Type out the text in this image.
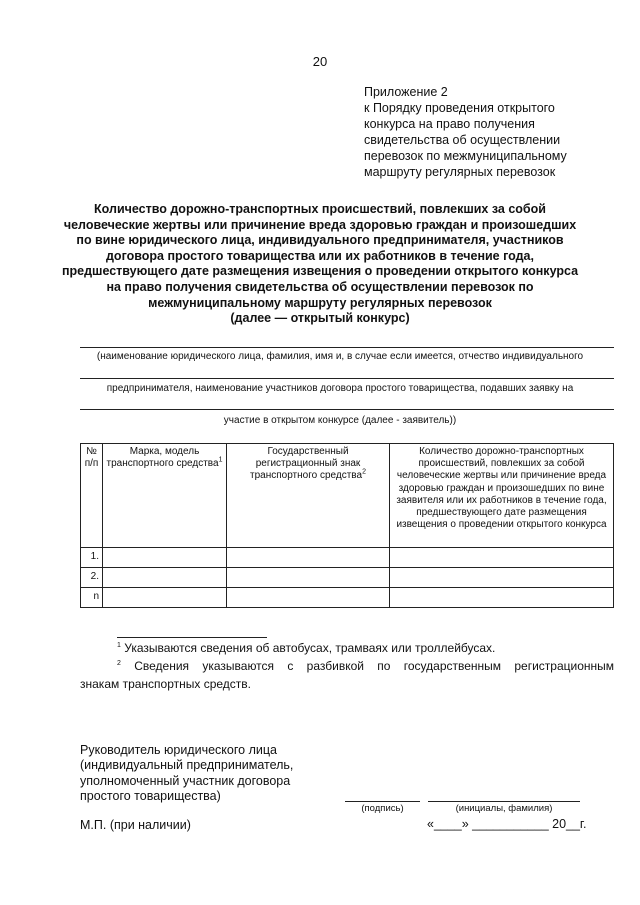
20
Приложение 2
к Порядку проведения открытого
конкурса на право получения
свидетельства об осуществлении
перевозок по межмуниципальному
маршруту регулярных перевозок
Количество дорожно-транспортных происшествий, повлекших за собой
человеческие жертвы или причинение вреда здоровью граждан и произошедших
по вине юридического лица, индивидуального предпринимателя, участников
договора простого товарищества или их работников в течение года,
предшествующего дате размещения извещения о проведении открытого конкурса
на право получения свидетельства об осуществлении перевозок по
межмуниципальному маршруту регулярных перевозок
(далее — открытый конкурс)
(наименование юридического лица, фамилия, имя и, в случае если имеется, отчество индивидуального
предпринимателя, наименование участников договора простого товарищества, подавших заявку на
участие в открытом конкурсе (далее - заявитель))
№ п/п	Марка, модель транспортного средства$^1$	Государственный регистрационный знак транспортного средства$^2$	Количество дорожно-транспортных происшествий, повлекших за собой человеческие жертвы или причинение вреда здоровью граждан и произошедших по вине заявителя или их работников в течение года, предшествующего дате размещения извещения о проведении открытого конкурса
1.			
2.			
n			
$^1$ Указываются сведения об автобусах, трамваях или троллейбусах.
$^2$ Сведения указываются с разбивкой по государственным регистрационным
знакам транспортных средств.
Руководитель юридического лица
(индивидуальный предприниматель,
уполномоченный участник договора
простого товарищества)
М.П. (при наличии)
(подпись)	(инициалы, фамилия)
«____» ___________ 20__г.
